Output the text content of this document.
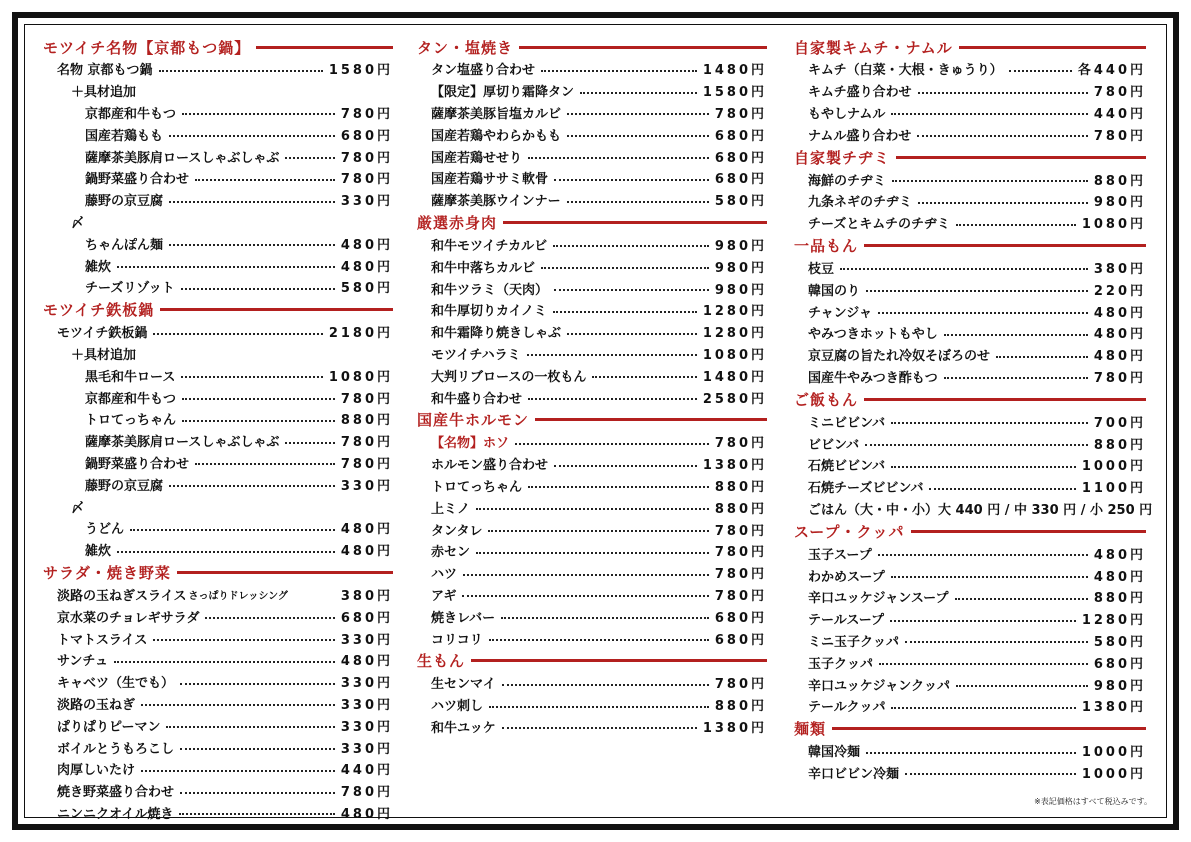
モツイチ名物【京都もつ鍋】
名物 京都もつ鍋	1580円
＋具材追加
京都産和牛もつ	780円
国産若鶏もも	680円
薩摩茶美豚肩ロースしゃぶしゃぶ	780円
鍋野菜盛り合わせ	780円
藤野の京豆腐	330円
〆
ちゃんぽん麺	480円
雑炊	480円
チーズリゾット	580円
モツイチ鉄板鍋
モツイチ鉄板鍋	2180円
＋具材追加
黒毛和牛ロース	1080円
京都産和牛もつ	780円
トロてっちゃん	880円
薩摩茶美豚肩ロースしゃぶしゃぶ	780円
鍋野菜盛り合わせ	780円
藤野の京豆腐	330円
〆
うどん	480円
雑炊	480円
サラダ・焼き野菜
淡路の玉ねぎスライス さっぱりドレッシング	380円
京水菜のチョレギサラダ	680円
トマトスライス	330円
サンチュ	480円
キャベツ（生でも）	330円
淡路の玉ねぎ	330円
ぱりぱりピーマン	330円
ボイルとうもろこし	330円
肉厚しいたけ	440円
焼き野菜盛り合わせ	780円
ニンニクオイル焼き	480円
タン・塩焼き
タン塩盛り合わせ	1480円
【限定】厚切り霜降タン	1580円
薩摩茶美豚旨塩カルビ	780円
国産若鶏やわらかもも	680円
国産若鶏せせり	680円
国産若鶏ササミ軟骨	680円
薩摩茶美豚ウインナー	580円
厳選赤身肉
和牛モツイチカルビ	980円
和牛中落ちカルビ	980円
和牛ツラミ（天肉）	980円
和牛厚切りカイノミ	1280円
和牛霜降り焼きしゃぶ	1280円
モツイチハラミ	1080円
大判リブロースの一枚もん	1480円
和牛盛り合わせ	2580円
国産牛ホルモン
【名物】ホソ	780円
ホルモン盛り合わせ	1380円
トロてっちゃん	880円
上ミノ	880円
タンタレ	780円
赤セン	780円
ハツ	780円
アギ	780円
焼きレバー	680円
コリコリ	680円
生もん
生センマイ	780円
ハツ刺し	880円
和牛ユッケ	1380円
自家製キムチ・ナムル
キムチ（白菜・大根・きゅうり）	各440円
キムチ盛り合わせ	780円
もやしナムル	440円
ナムル盛り合わせ	780円
自家製チヂミ
海鮮のチヂミ	880円
九条ネギのチヂミ	980円
チーズとキムチのチヂミ	1080円
一品もん
枝豆	380円
韓国のり	220円
チャンジャ	480円
やみつきホットもやし	480円
京豆腐の旨たれ冷奴そぼろのせ	480円
国産牛やみつき酢もつ	780円
ご飯もん
ミニビビンバ	700円
ビビンバ	880円
石焼ビビンバ	1000円
石焼チーズビビンバ	1100円
ごはん（大・中・小）大 440 円 / 中 330 円 / 小 250 円
スープ・クッパ
玉子スープ	480円
わかめスープ	480円
辛口ユッケジャンスープ	880円
テールスープ	1280円
ミニ玉子クッパ	580円
玉子クッパ	680円
辛口ユッケジャンクッパ	980円
テールクッパ	1380円
麺類
韓国冷麺	1000円
辛口ビビン冷麺	1000円
※表記価格はすべて税込みです。
